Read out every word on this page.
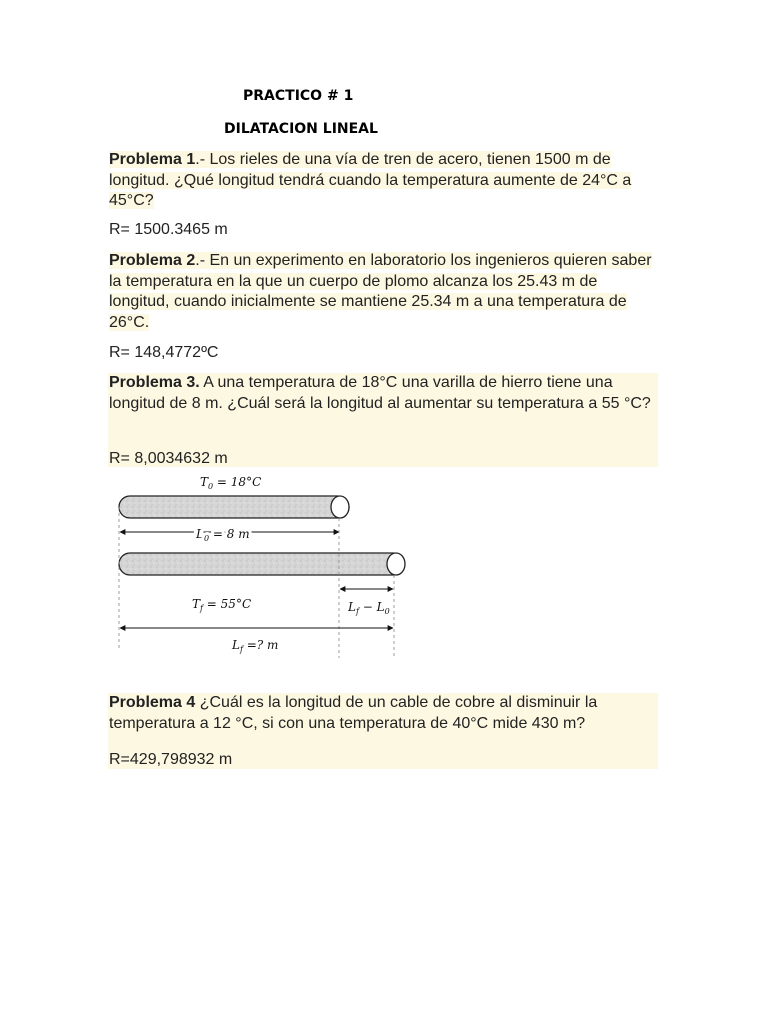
PRACTICO # 1
DILATACION LINEAL

Problema 1.- Los rieles de una vía de tren de acero, tienen 1500 m de longitud. ¿Qué longitud tendrá cuando la temperatura aumente de 24°C a 45°C?

R= 1500.3465 m

Problema 2.- En un experimento en laboratorio los ingenieros quieren saber la temperatura en la que un cuerpo de plomo alcanza los 25.43 m de longitud, cuando inicialmente se mantiene 25.34 m a una temperatura de 26°C.

R= 148,4772ºC

Problema 3. A una temperatura de 18°C una varilla de hierro tiene una longitud de 8 m. ¿Cuál será la longitud al aumentar su temperatura a 55 °C?

R= 8,0034632 m

$T_0 = 18^\circ C$
$L_0 = 8$ m
$T_f = 55^\circ C$	$L_f - L_0$
$L_f$ =? m

Problema 4 ¿Cuál es la longitud de un cable de cobre al disminuir la temperatura a 12 °C, si con una temperatura de 40°C mide 430 m?

R=429,798932 m
